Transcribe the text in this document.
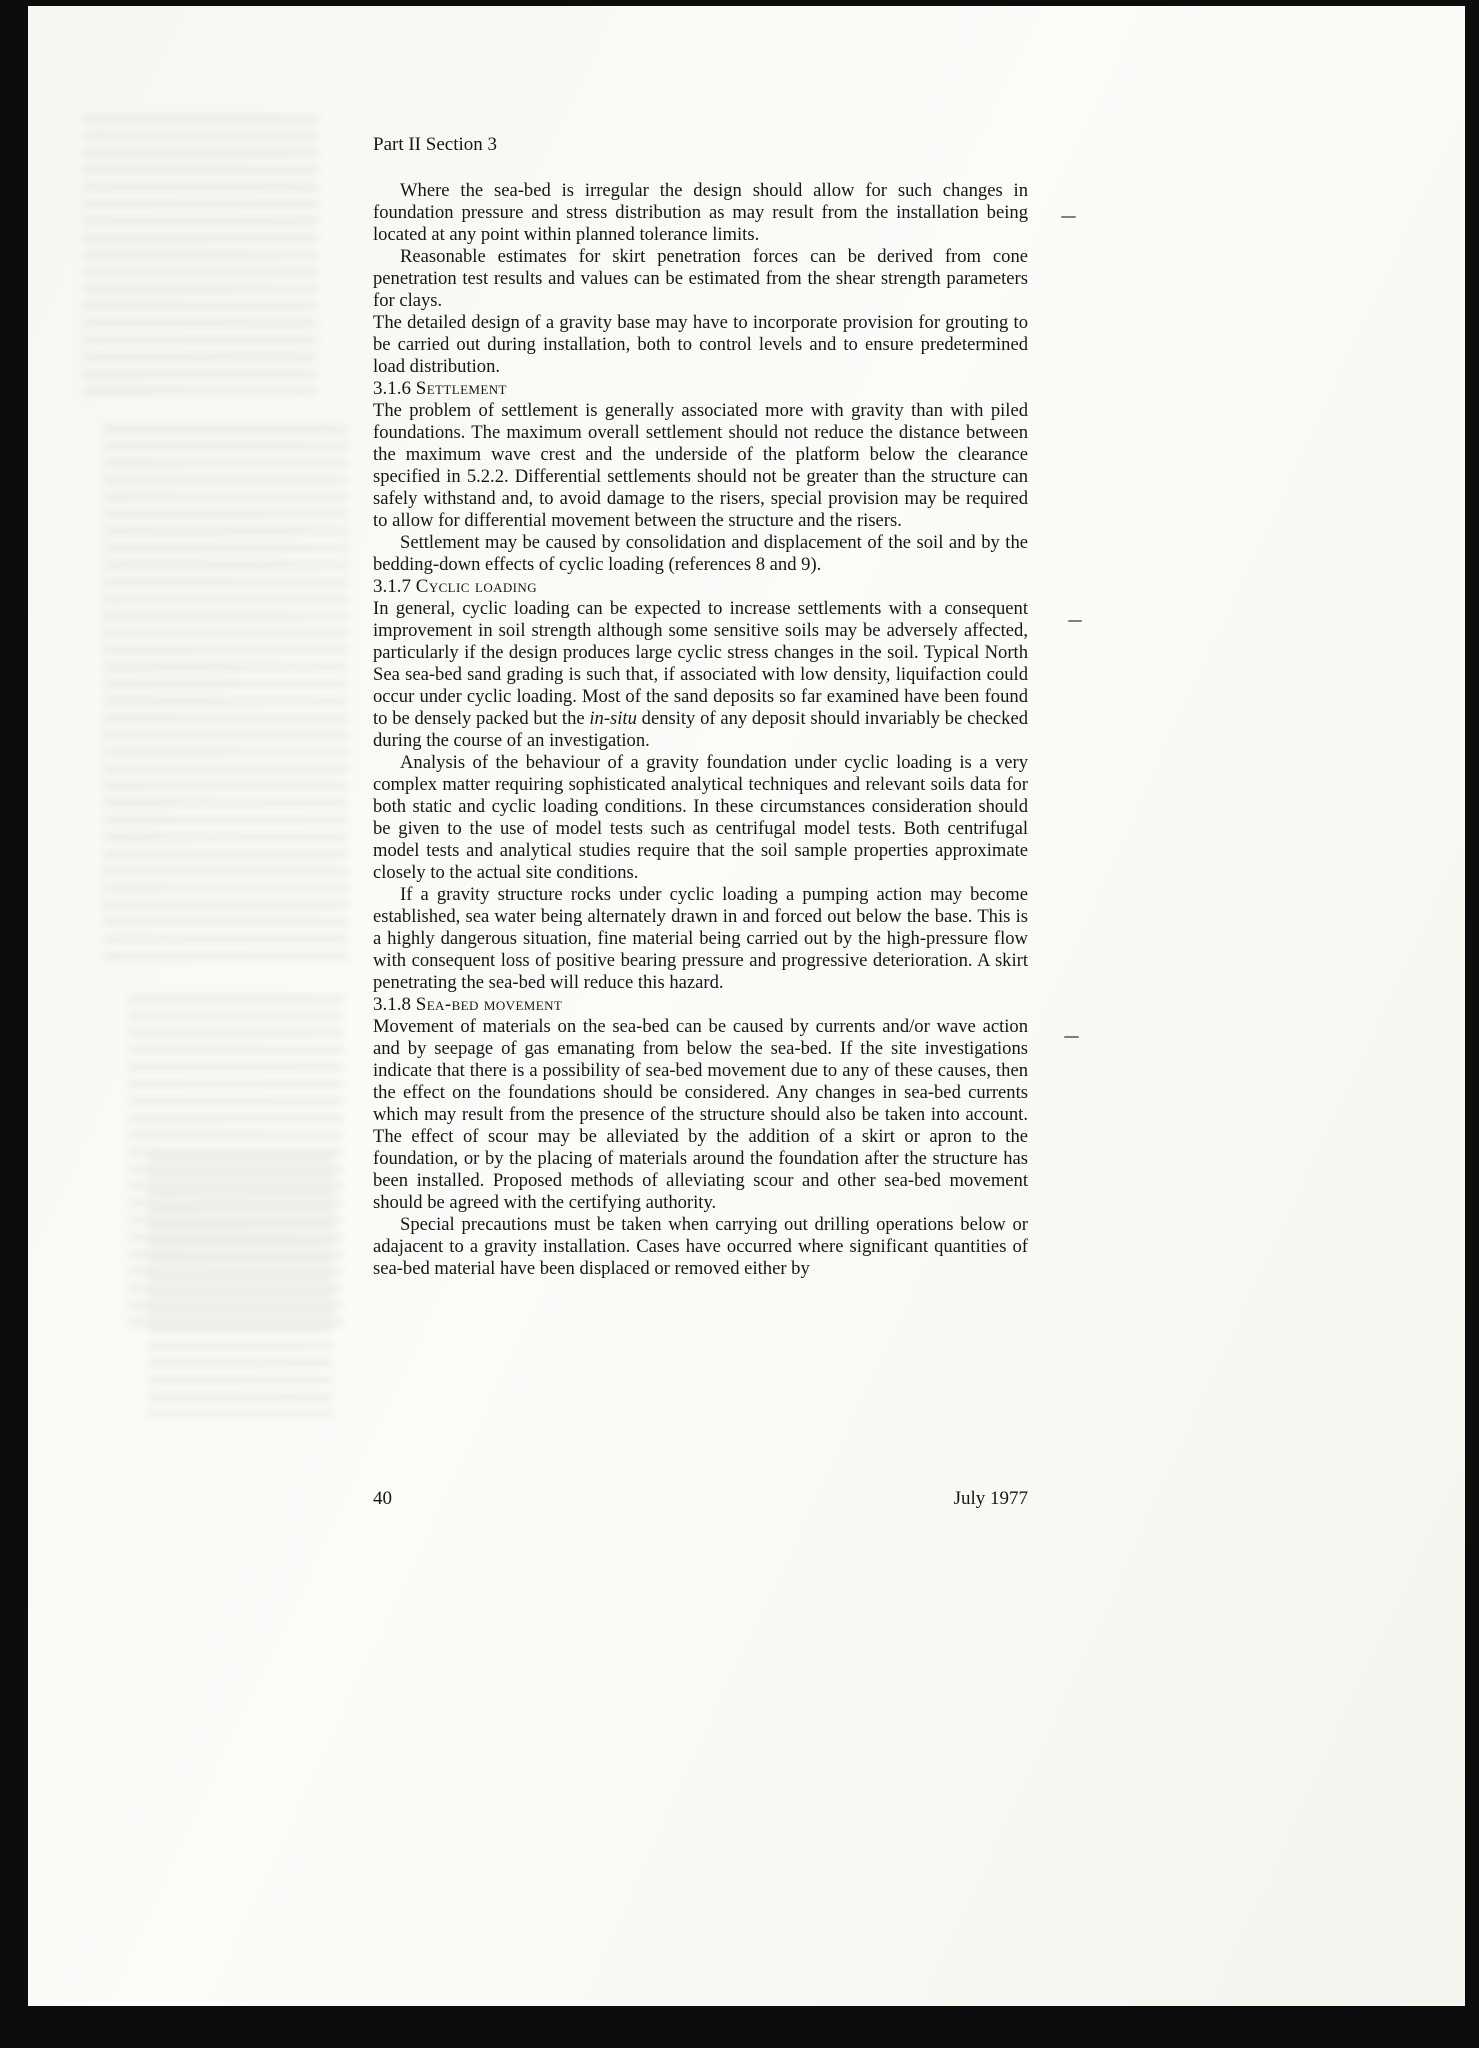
Part II Section 3

Where the sea-bed is irregular the design should allow for such changes in foundation pressure and stress distribution as may result from the installation being located at any point within planned tolerance limits.

Reasonable estimates for skirt penetration forces can be derived from cone penetration test results and values can be estimated from the shear strength parameters for clays.

The detailed design of a gravity base may have to incorporate provision for grouting to be carried out during installation, both to control levels and to ensure predetermined load distribution.

3.1.6 Settlement

The problem of settlement is generally associated more with gravity than with piled foundations. The maximum overall settlement should not reduce the distance between the maximum wave crest and the underside of the platform below the clearance specified in 5.2.2. Differential settlements should not be greater than the structure can safely withstand and, to avoid damage to the risers, special provision may be required to allow for differential movement between the structure and the risers.

Settlement may be caused by consolidation and displacement of the soil and by the bedding-down effects of cyclic loading (references 8 and 9).

3.1.7 Cyclic loading

In general, cyclic loading can be expected to increase settlements with a consequent improvement in soil strength although some sensitive soils may be adversely affected, particularly if the design produces large cyclic stress changes in the soil. Typical North Sea sea-bed sand grading is such that, if associated with low density, liquifaction could occur under cyclic loading. Most of the sand deposits so far examined have been found to be densely packed but the in-situ density of any deposit should invariably be checked during the course of an investigation.

Analysis of the behaviour of a gravity foundation under cyclic loading is a very complex matter requiring sophisticated analytical techniques and relevant soils data for both static and cyclic loading conditions. In these circumstances consideration should be given to the use of model tests such as centrifugal model tests. Both centrifugal model tests and analytical studies require that the soil sample properties approximate closely to the actual site conditions.

If a gravity structure rocks under cyclic loading a pumping action may become established, sea water being alternately drawn in and forced out below the base. This is a highly dangerous situation, fine material being carried out by the high-pressure flow with consequent loss of positive bearing pressure and progressive deterioration. A skirt penetrating the sea-bed will reduce this hazard.

3.1.8 Sea-bed movement

Movement of materials on the sea-bed can be caused by currents and/or wave action and by seepage of gas emanating from below the sea-bed. If the site investigations indicate that there is a possibility of sea-bed movement due to any of these causes, then the effect on the foundations should be considered. Any changes in sea-bed currents which may result from the presence of the structure should also be taken into account. The effect of scour may be alleviated by the addition of a skirt or apron to the foundation, or by the placing of materials around the foundation after the structure has been installed. Proposed methods of alleviating scour and other sea-bed movement should be agreed with the certifying authority.

Special precautions must be taken when carrying out drilling operations below or adajacent to a gravity installation. Cases have occurred where significant quantities of sea-bed material have been displaced or removed either by

40	July 1977
